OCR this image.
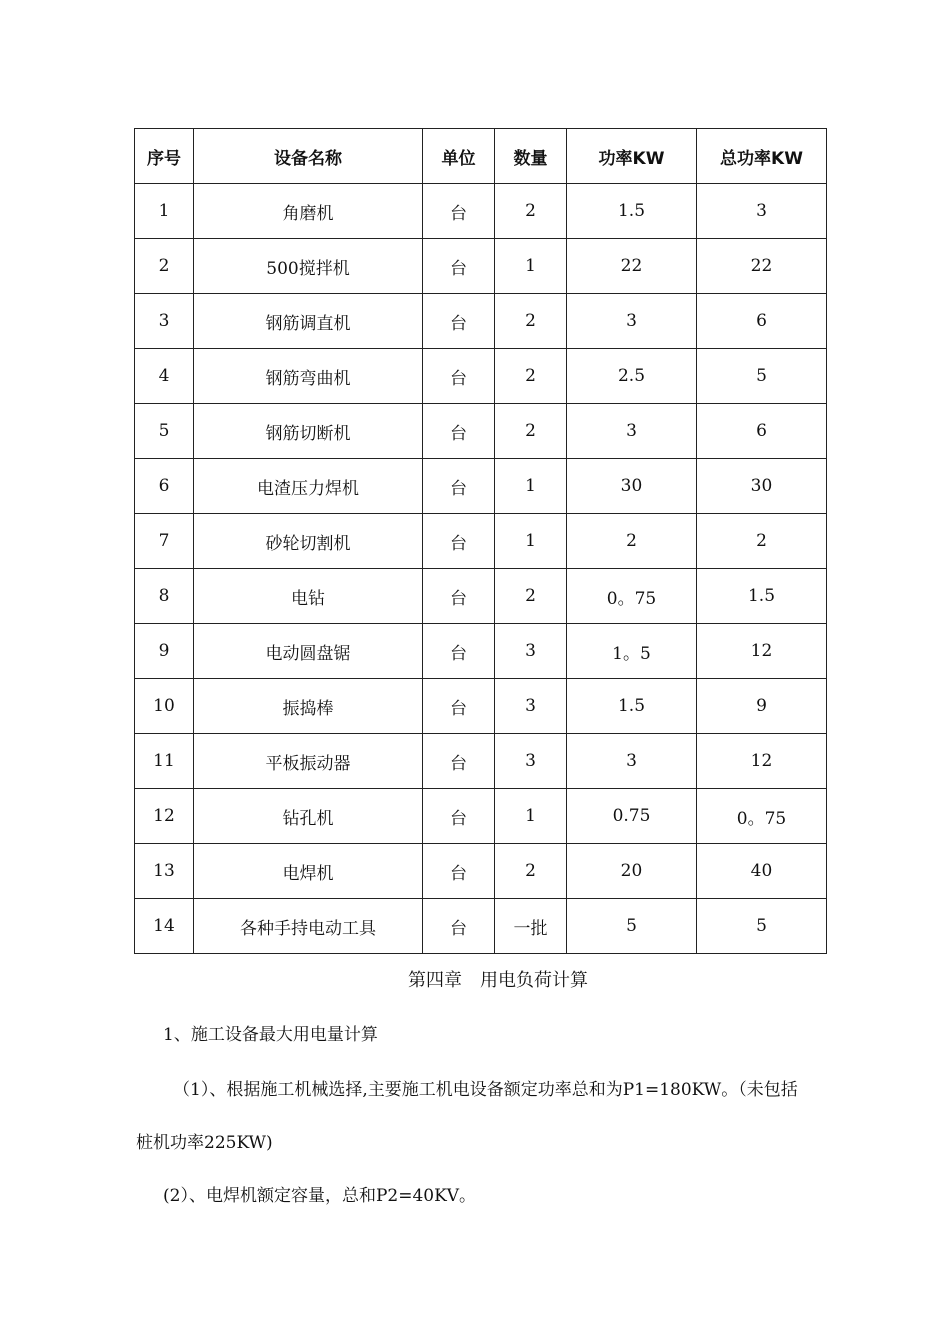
序号	设备名称	单位	数量	功率KW	总功率KW
1	角磨机	台	2	1.5	3
2	500搅拌机	台	1	22	22
3	钢筋调直机	台	2	3	6
4	钢筋弯曲机	台	2	2.5	5
5	钢筋切断机	台	2	3	6
6	电渣压力焊机	台	1	30	30
7	砂轮切割机	台	1	2	2
8	电钻	台	2	0。75	1.5
9	电动圆盘锯	台	3	1。5	12
10	振捣棒	台	3	1.5	9
11	平板振动器	台	3	3	12
12	钻孔机	台	1	0.75	0。75
13	电焊机	台	2	20	40
14	各种手持电动工具	台	一批	5	5
第四章　用电负荷计算
1、施工设备最大用电量计算
（1）、根据施工机械选择,主要施工机电设备额定功率总和为P1=180KW。（未包括
桩机功率225KW)
(2）、电焊机额定容量，总和P2=40KV。
